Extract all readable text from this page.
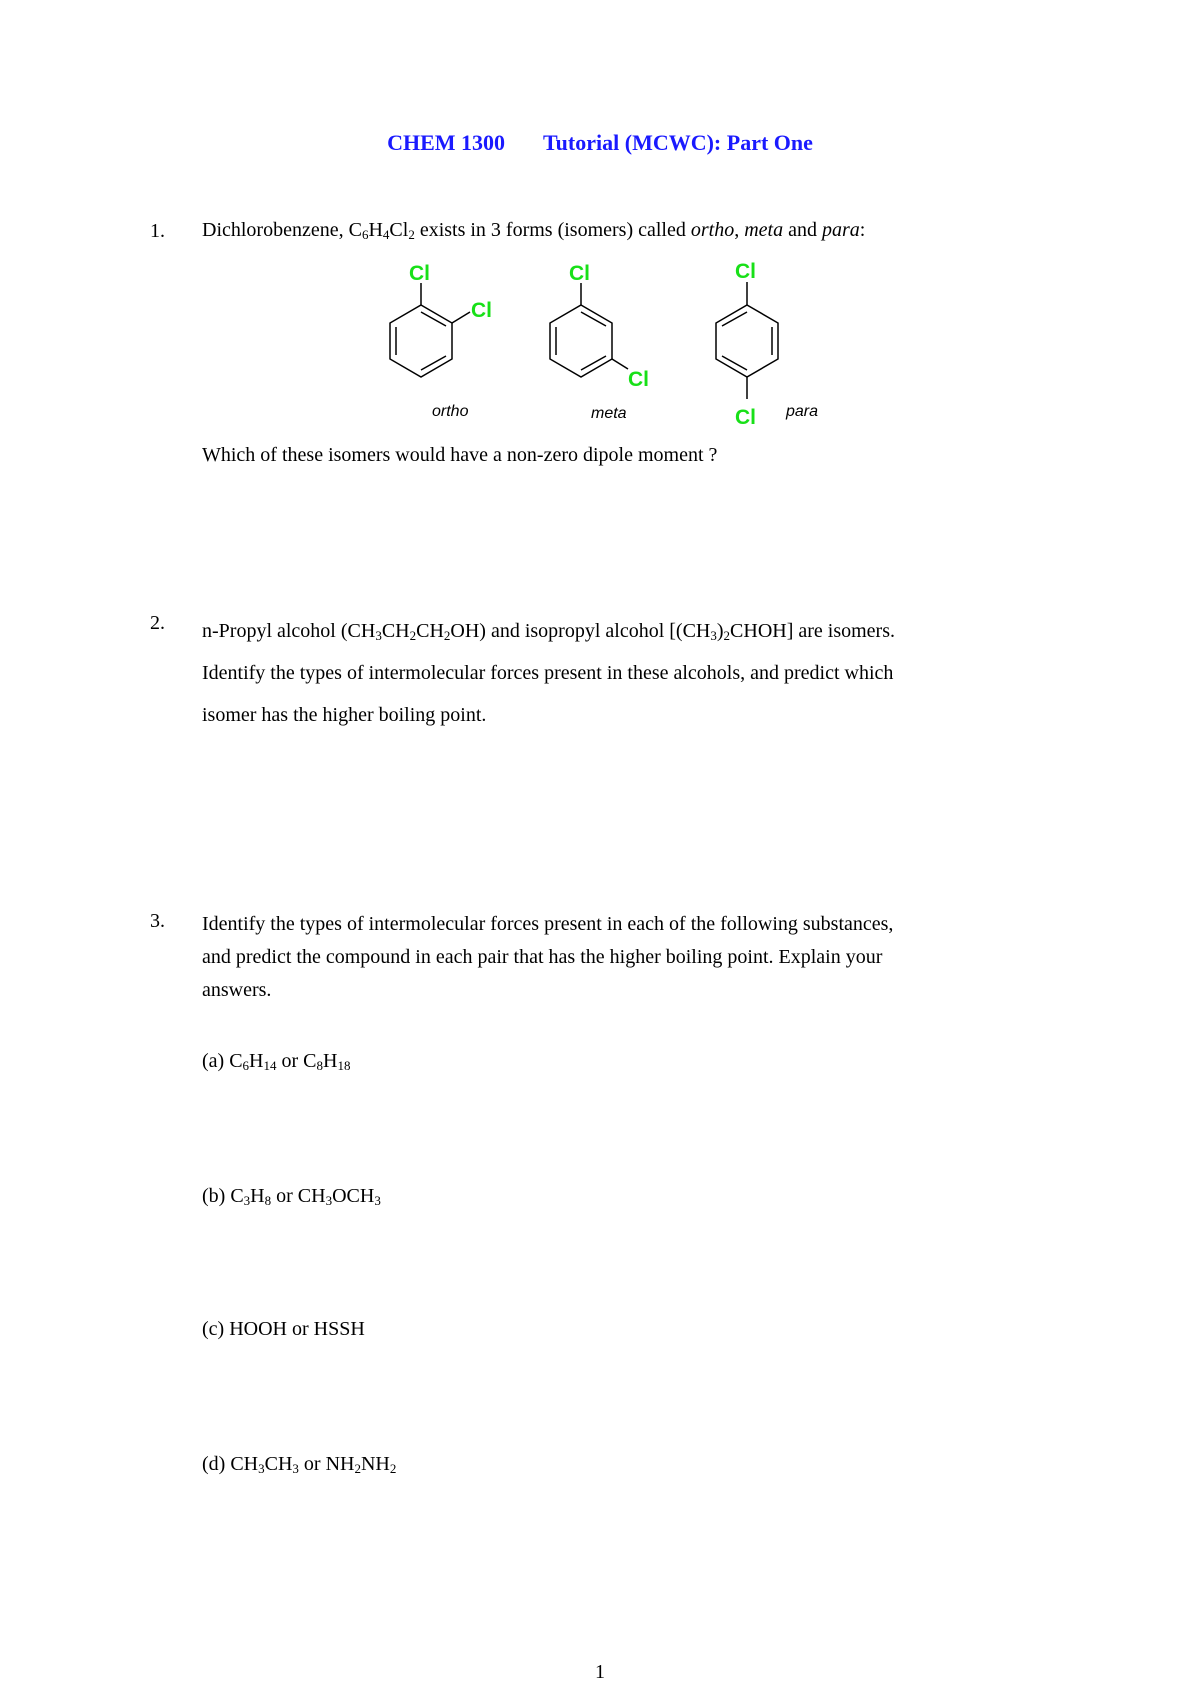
CHEM 1300 Tutorial (MCWC): Part One
1. Dichlorobenzene, $C_6H_4Cl_2$ exists in 3 forms (isomers) called ortho, meta and para:
Cl
Cl
ortho
Cl
Cl
meta
Cl
Cl para
Which of these isomers would have a non-zero dipole moment ?
2. n-Propyl alcohol $(CH_3CH_2CH_2OH)$ and isopropyl alcohol $[(CH_3)_2CHOH]$ are isomers.
Identify the types of intermolecular forces present in these alcohols, and predict which
isomer has the higher boiling point.
3. Identify the types of intermolecular forces present in each of the following substances,
and predict the compound in each pair that has the higher boiling point. Explain your
answers.
(a) $C_6H_{14}$ or $C_8H_{18}$
(b) $C_3H_8$ or $CH_3OCH_3$
(c) HOOH or HSSH
(d) $CH_3CH_3$ or $NH_2NH_2$
1
